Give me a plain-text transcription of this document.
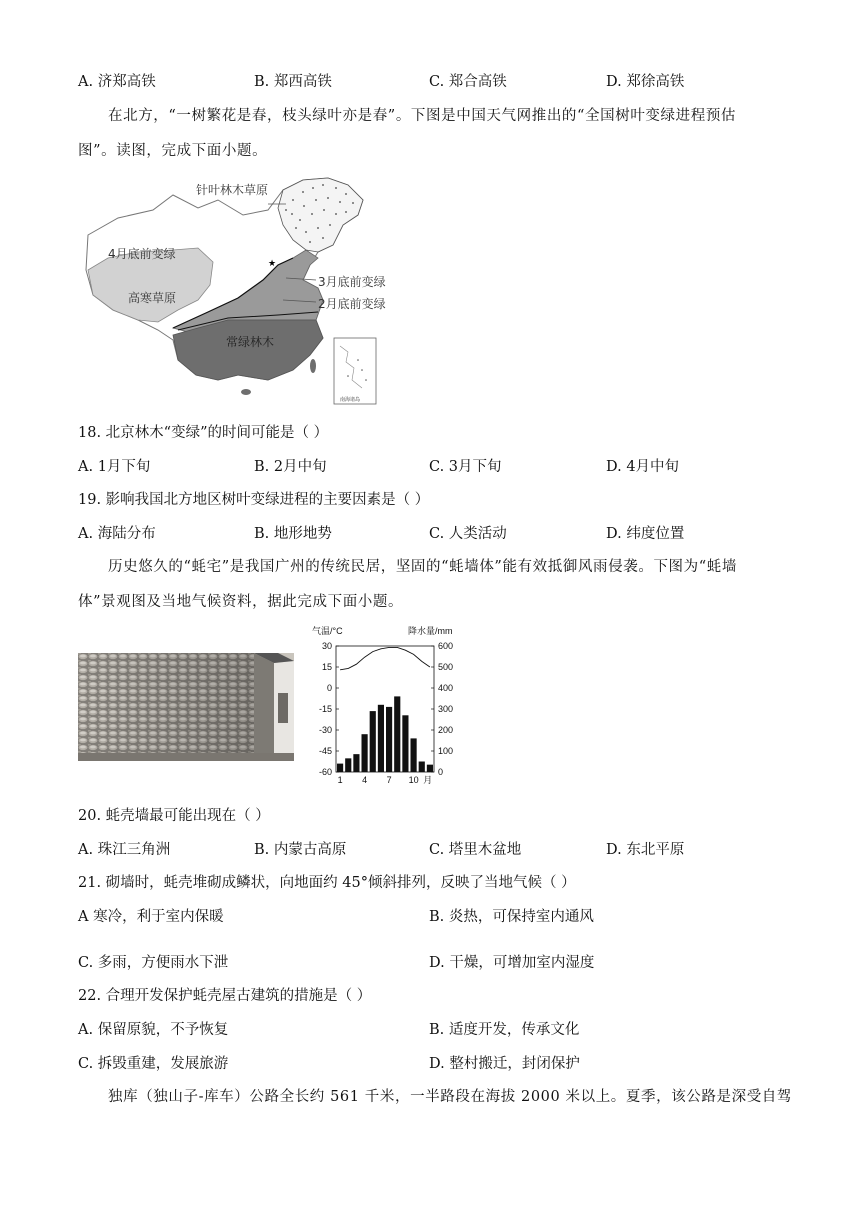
A. 济郑高铁	B. 郑西高铁	C. 郑合高铁	D. 郑徐高铁
在北方，“一树繁花是春，枝头绿叶亦是春”。下图是中国天气网推出的“全国树叶变绿进程预估
图”。读图，完成下面小题。
★
针叶林木草原
4月底前变绿
3月底前变绿
2月底前变绿
高寒草原
常绿林木
南海诸岛
18. 北京林木“变绿”的时间可能是（ ）
A. 1月下旬	B. 2月中旬	C. 3月下旬	D. 4月中旬
19. 影响我国北方地区树叶变绿进程的主要因素是（ ）
A. 海陆分布	B. 地形地势	C. 人类活动	D. 纬度位置
历史悠久的“蚝宅”是我国广州的传统民居，坚固的“蚝墙体”能有效抵御风雨侵袭。下图为“蚝墙
体”景观图及当地气候资料，据此完成下面小题。
气温/°C	降水量/mm
30
15
0
-15
-30
-45
-60
600
500
400
300
200
100
0
1 4 7 10 月
20. 蚝壳墙最可能出现在（ ）
A. 珠江三角洲	B. 内蒙古高原	C. 塔里木盆地	D. 东北平原
21. 砌墙时，蚝壳堆砌成鳞状，向地面约 45°倾斜排列，反映了当地气候（ ）
A 寒冷，利于室内保暖	B. 炎热，可保持室内通风
C. 多雨，方便雨水下泄	D. 干燥，可增加室内湿度
22. 合理开发保护蚝壳屋古建筑的措施是（ ）
A. 保留原貌，不予恢复	B. 适度开发，传承文化
C. 拆毁重建，发展旅游	D. 整村搬迁，封闭保护
独库（独山子-库车）公路全长约 561 千米，一半路段在海拔 2000 米以上。夏季，该公路是深受自驾
